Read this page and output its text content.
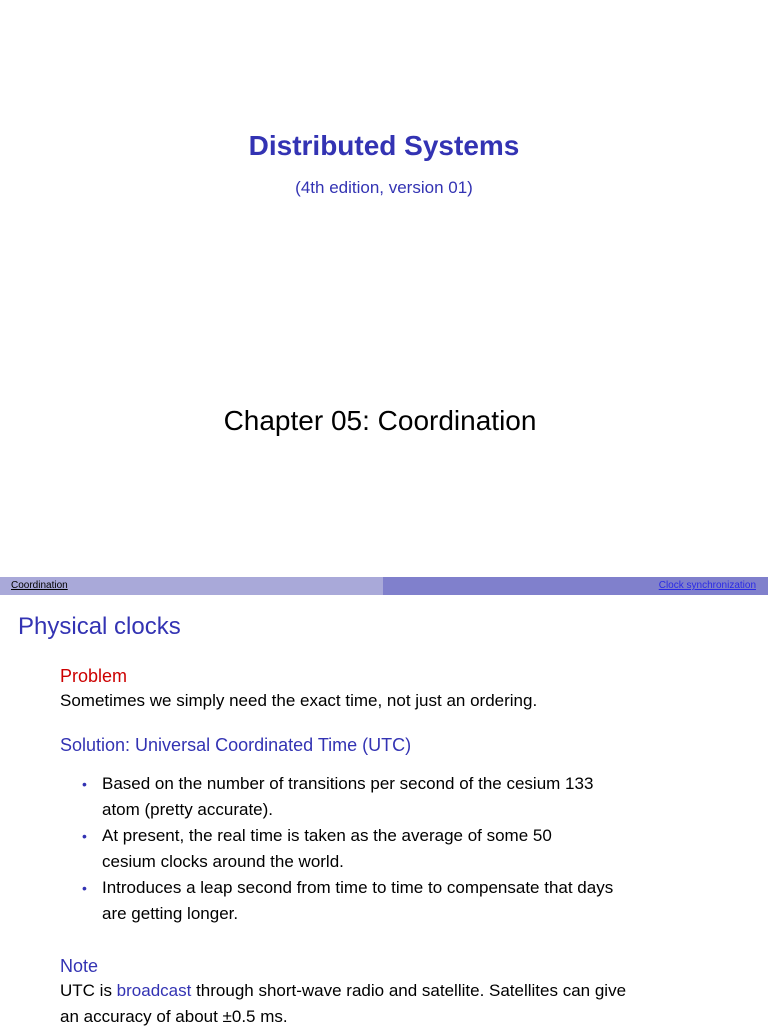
Distributed Systems
(4th edition, version 01)
Chapter 05: Coordination
Coordination	Clock synchronization
Physical clocks
Problem
Sometimes we simply need the exact time, not just an ordering.
Solution: Universal Coordinated Time (UTC)
• Based on the number of transitions per second of the cesium 133
atom (pretty accurate).
• At present, the real time is taken as the average of some 50
cesium clocks around the world.
• Introduces a leap second from time to time to compensate that days
are getting longer.
Note
UTC is broadcast through short-wave radio and satellite. Satellites can give
an accuracy of about ±0.5 ms.
